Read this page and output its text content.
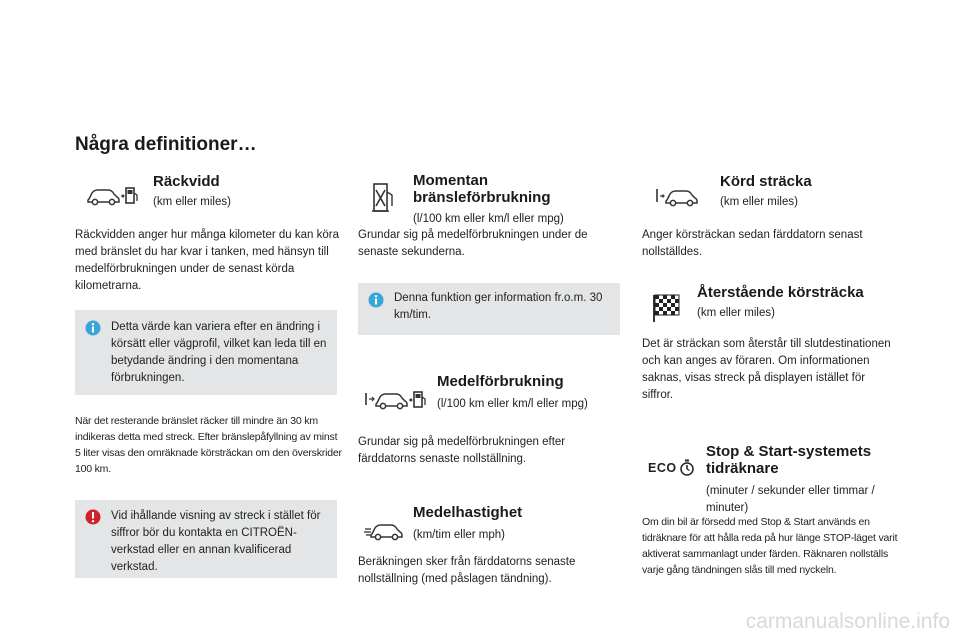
Några definitioner…
Räckvidd
(km eller miles)
Räckvidden anger hur många kilometer du kan köra med bränslet du har kvar i tanken, med hänsyn till medelförbrukningen under de senast körda kilometrarna.
Detta värde kan variera efter en ändring i körsätt eller vägprofil, vilket kan leda till en betydande ändring i den momentana förbrukningen.
När det resterande bränslet räcker till mindre än 30 km indikeras detta med streck. Efter bränslepåfyllning av minst 5 liter visas den omräknade körsträckan om den överskrider 100 km.
Vid ihållande visning av streck i stället för siffror bör du kontakta en CITROËN-verkstad eller en annan kvalificerad verkstad.
Momentan
bränsleförbrukning
(l/100 km eller km/l eller mpg)
Grundar sig på medelförbrukningen under de senaste sekunderna.
Denna funktion ger information fr.o.m. 30 km/tim.
Medelförbrukning
(l/100 km eller km/l eller mpg)
Grundar sig på medelförbrukningen efter färddatorns senaste nollställning.
Medelhastighet
(km/tim eller mph)
Beräkningen sker från färddatorns senaste nollställning (med påslagen tändning).
Körd sträcka
(km eller miles)
Anger körsträckan sedan färddatorn senast nollställdes.
Återstående körsträcka
(km eller miles)
Det är sträckan som återstår till slutdestinationen och kan anges av föraren. Om informationen saknas, visas streck på displayen istället för siffror.
ECO
Stop & Start-systemets
tidräknare
(minuter / sekunder eller timmar / minuter)
Om din bil är försedd med Stop & Start används en tidräknare för att hålla reda på hur länge STOP-läget varit aktiverat sammanlagt under färden. Räknaren nollställs varje gång tändningen slås till med nyckeln.
carmanualsonline.info
